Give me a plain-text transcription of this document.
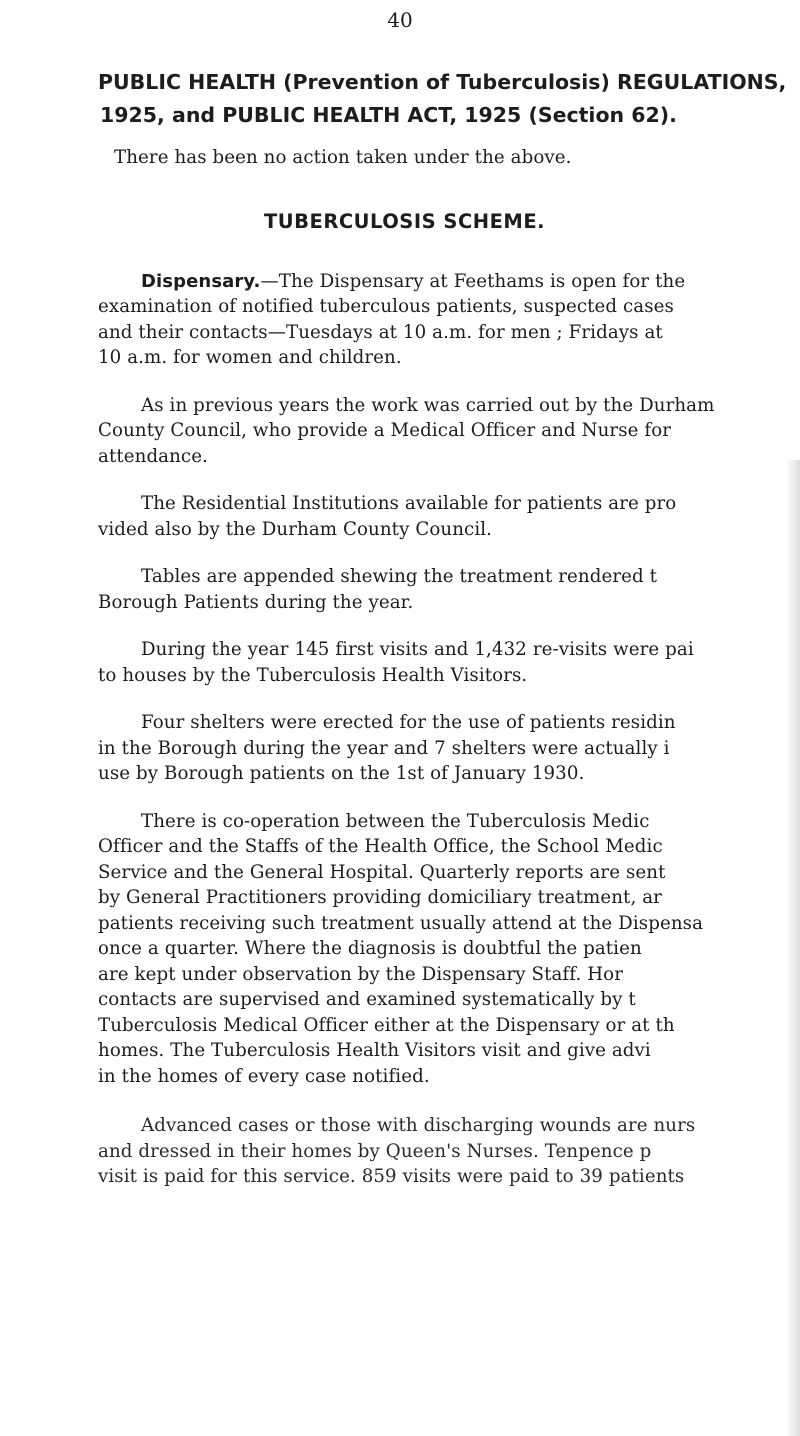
40
PUBLIC HEALTH (Prevention of Tuberculosis) REGULATIONS,
1925, and PUBLIC HEALTH ACT, 1925 (Section 62).

There has been no action taken under the above.

TUBERCULOSIS SCHEME.

Dispensary.—The Dispensary at Feethams is open for the
examination of notified tuberculous patients, suspected cases
and their contacts—Tuesdays at 10 a.m. for men ; Fridays at
10 a.m. for women and children.

As in previous years the work was carried out by the Durham
County Council, who provide a Medical Officer and Nurse for
attendance.

The Residential Institutions available for patients are pro
vided also by the Durham County Council.

Tables are appended shewing the treatment rendered t
Borough Patients during the year.

During the year 145 first visits and 1,432 re-visits were pai
to houses by the Tuberculosis Health Visitors.

Four shelters were erected for the use of patients residin
in the Borough during the year and 7 shelters were actually i
use by Borough patients on the 1st of January 1930.

There is co-operation between the Tuberculosis Medic
Officer and the Staffs of the Health Office, the School Medic
Service and the General Hospital. Quarterly reports are sent
by General Practitioners providing domiciliary treatment, ar
patients receiving such treatment usually attend at the Dispensa
once a quarter. Where the diagnosis is doubtful the patien
are kept under observation by the Dispensary Staff. Hor
contacts are supervised and examined systematically by t
Tuberculosis Medical Officer either at the Dispensary or at th
homes. The Tuberculosis Health Visitors visit and give advi
in the homes of every case notified.

Advanced cases or those with discharging wounds are nurs
and dressed in their homes by Queen's Nurses. Tenpence p
visit is paid for this service. 859 visits were paid to 39 patients
